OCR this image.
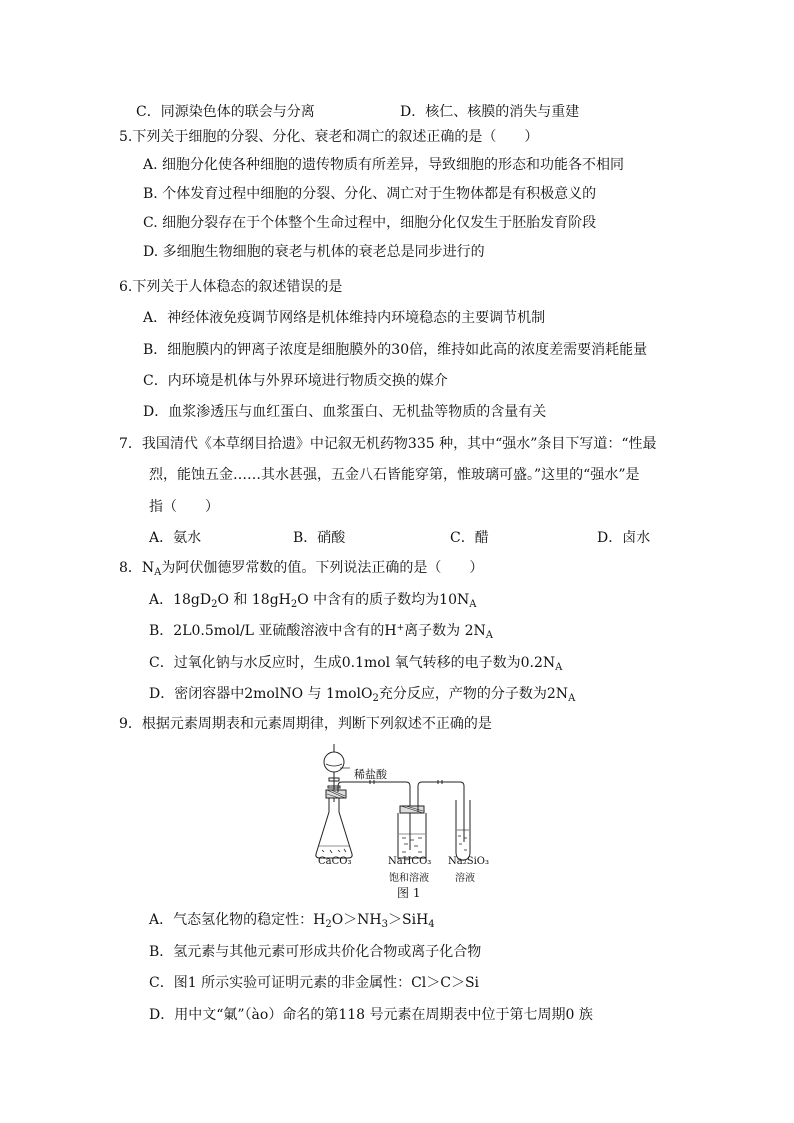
C．同源染色体的联会与分离	D．核仁、核膜的消失与重建
5.下列关于细胞的分裂、分化、衰老和凋亡的叙述正确的是（　　）
A. 细胞分化使各种细胞的遗传物质有所差异，导致细胞的形态和功能各不相同
B. 个体发育过程中细胞的分裂、分化、凋亡对于生物体都是有积极意义的
C. 细胞分裂存在于个体整个生命过程中，细胞分化仅发生于胚胎发育阶段
D. 多细胞生物细胞的衰老与机体的衰老总是同步进行的
6.下列关于人体稳态的叙述错误的是
A．神经体液免疫调节网络是机体维持内环境稳态的主要调节机制
B．细胞膜内的钾离子浓度是细胞膜外的30倍，维持如此高的浓度差需要消耗能量
C．内环境是机体与外界环境进行物质交换的媒介
D．血浆渗透压与血红蛋白、血浆蛋白、无机盐等物质的含量有关
7．我国清代《本草纲目拾遗》中记叙无机药物335 种，其中“强水”条目下写道：“性最
烈，能蚀五金……其水甚强，五金八石皆能穿第，惟玻璃可盛。”这里的“强水”是
指（　　）
A．氨水	B．硝酸	C．醋	D．卤水
8．$N_A$为阿伏伽德罗常数的值。下列说法正确的是（　　）
A．$18gD_2O$ 和 $18gH_2O$ 中含有的质子数均为$10N_A$
B．2L0.5mol/L 亚硫酸溶液中含有的H+离子数为 $2N_A$
C．过氧化钠与水反应时，生成0.1mol 氧气转移的电子数为$0.2N_A$
D．密闭容器中2molNO 与 1molO$_2$充分反应，产物的分子数为$2N_A$
9．根据元素周期表和元素周期律，判断下列叙述不正确的是
稀盐酸
CaCO₃	NaHCO₃
饱和溶液
Na₂SiO₃
溶液
图 1
A．气态氢化物的稳定性：$H_2O>NH_3>SiH_4$
B．氢元素与其他元素可形成共价化合物或离子化合物
C．图1 所示实验可证明元素的非金属性：Cl＞C＞Si
D．用中文“氭”（ào）命名的第118 号元素在周期表中位于第七周期0 族
